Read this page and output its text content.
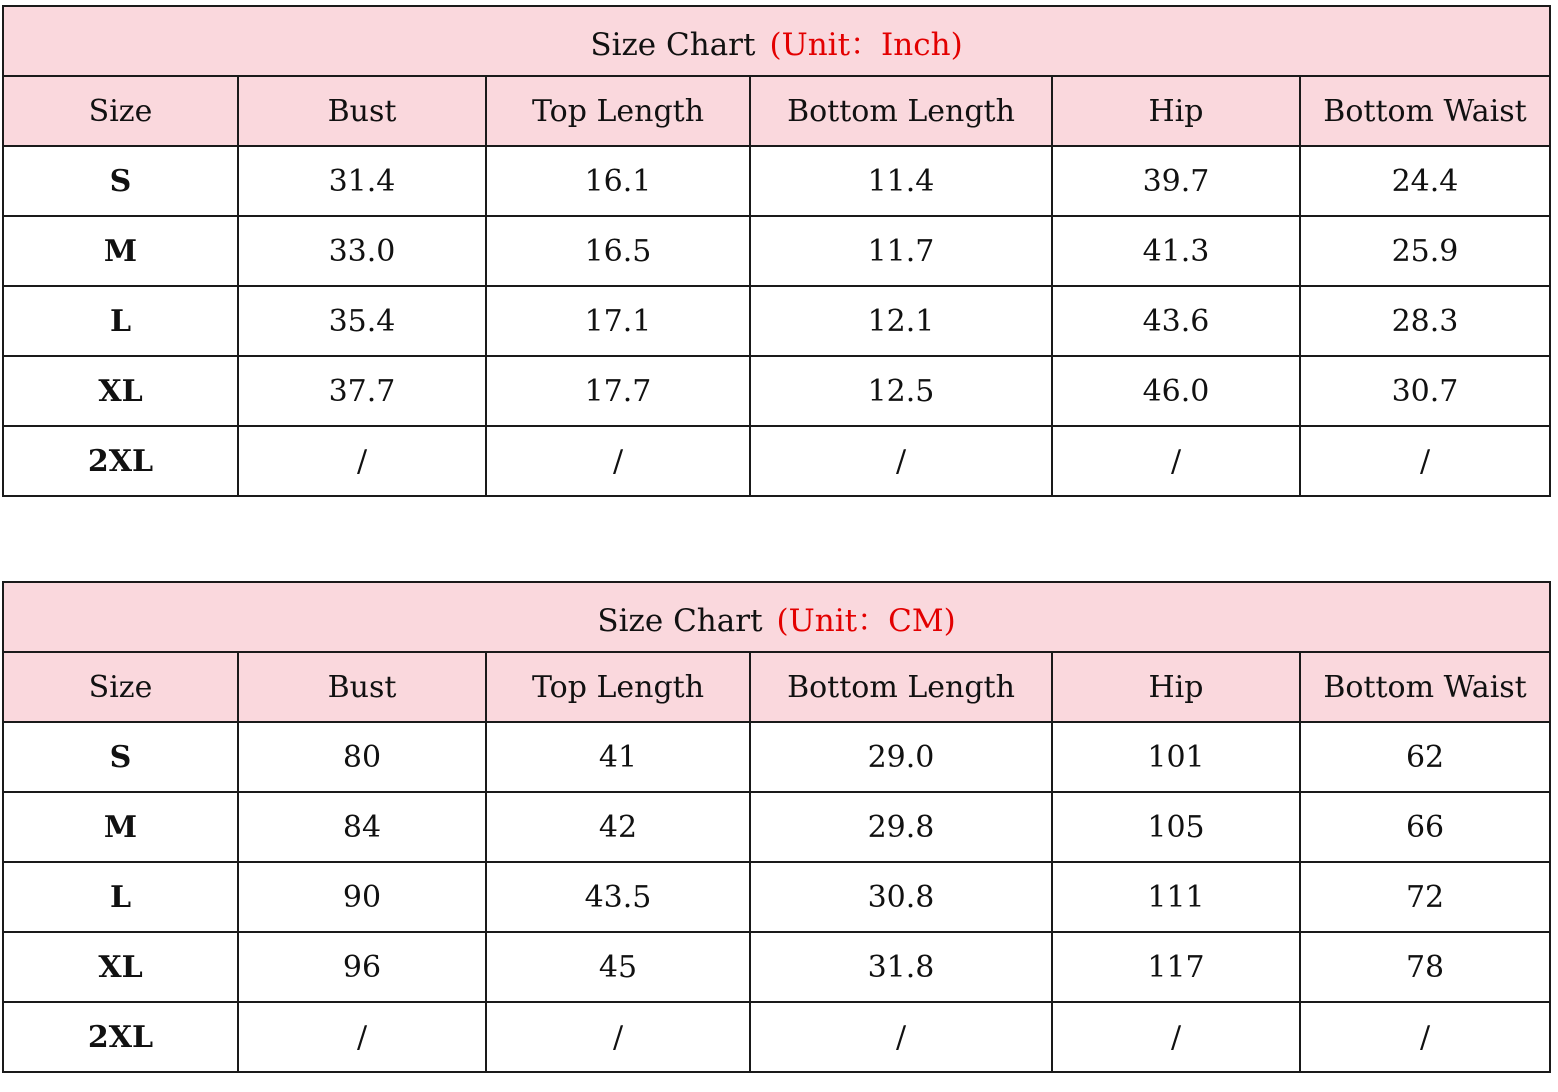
Size Chart (Unit：Inch)					
Size	Bust	Top Length	Bottom Length	Hip	Bottom Waist
S	31.4	16.1	11.4	39.7	24.4
M	33.0	16.5	11.7	41.3	25.9
L	35.4	17.1	12.1	43.6	28.3
XL	37.7	17.7	12.5	46.0	30.7
2XL	/	/	/	/	/
Size Chart (Unit：CM)					
Size	Bust	Top Length	Bottom Length	Hip	Bottom Waist
S	80	41	29.0	101	62
M	84	42	29.8	105	66
L	90	43.5	30.8	111	72
XL	96	45	31.8	117	78
2XL	/	/	/	/	/
